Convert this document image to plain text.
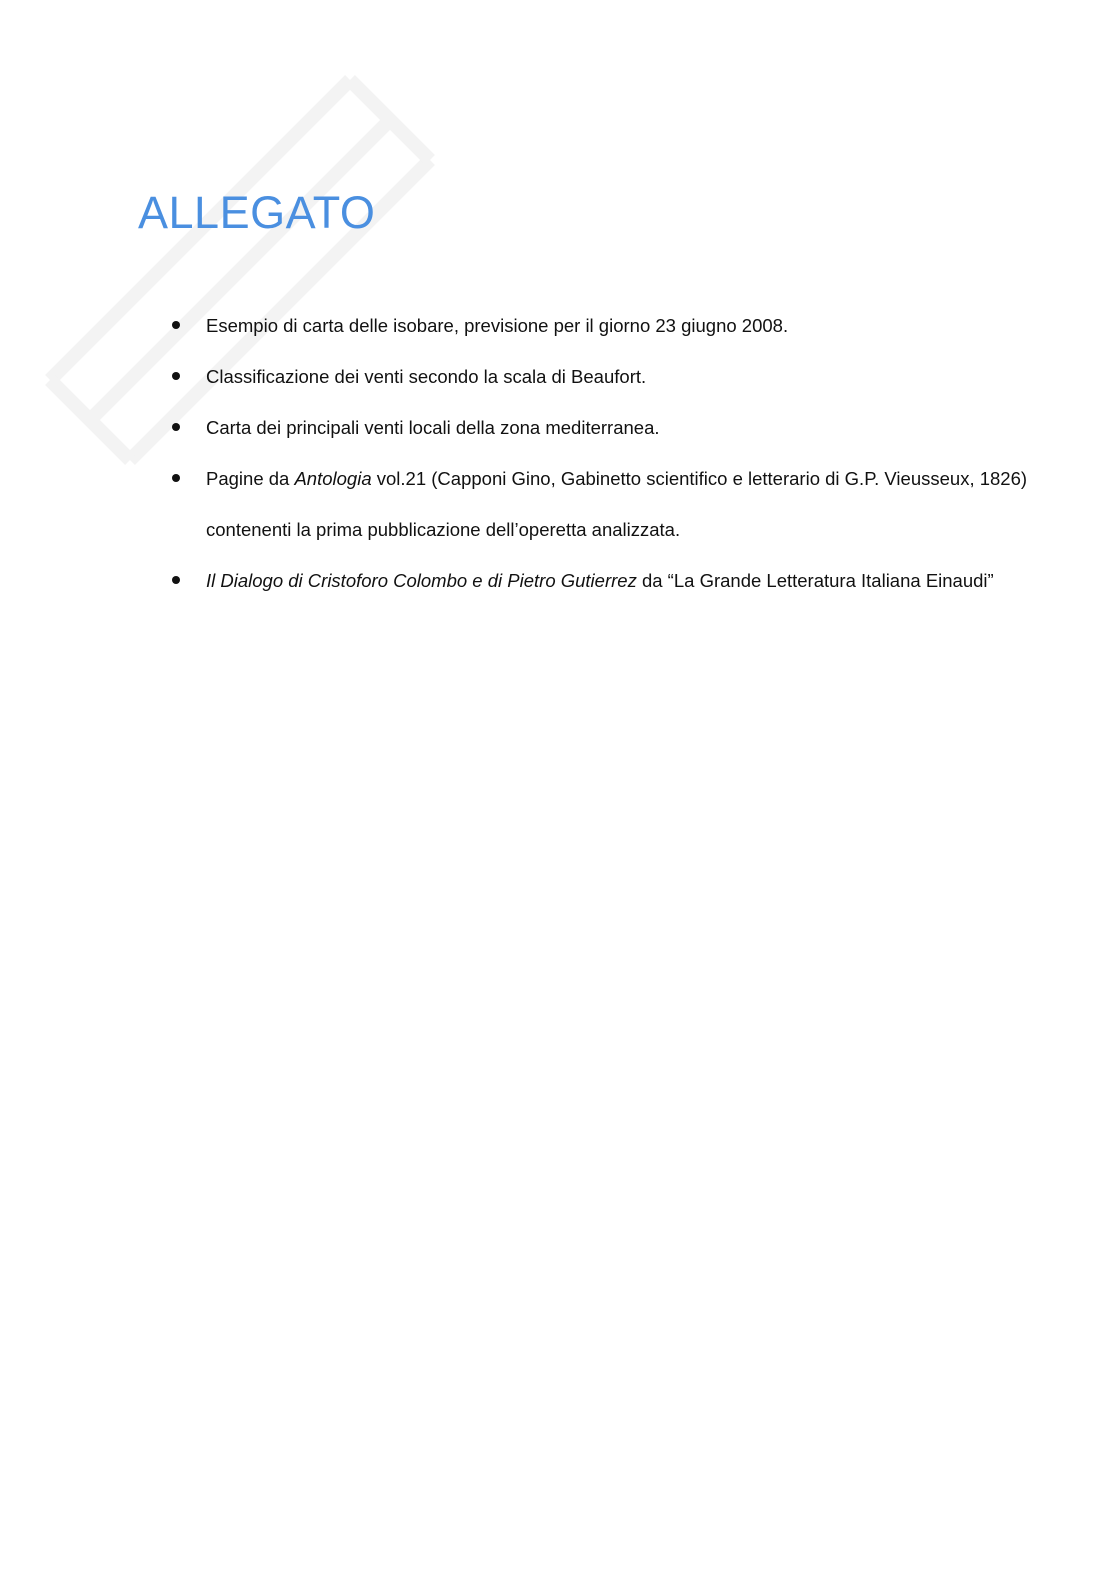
ALLEGATO
Esempio di carta delle isobare, previsione per il giorno 23 giugno 2008.
Classificazione dei venti secondo la scala di Beaufort.
Carta dei principali venti locali della zona mediterranea.
Pagine da Antologia vol.21 (Capponi Gino, Gabinetto scientifico e letterario di G.P. Vieusseux, 1826) contenenti la prima pubblicazione dell’operetta analizzata.
Il Dialogo di Cristoforo Colombo e di Pietro Gutierrez da “La Grande Letteratura Italiana Einaudi”
